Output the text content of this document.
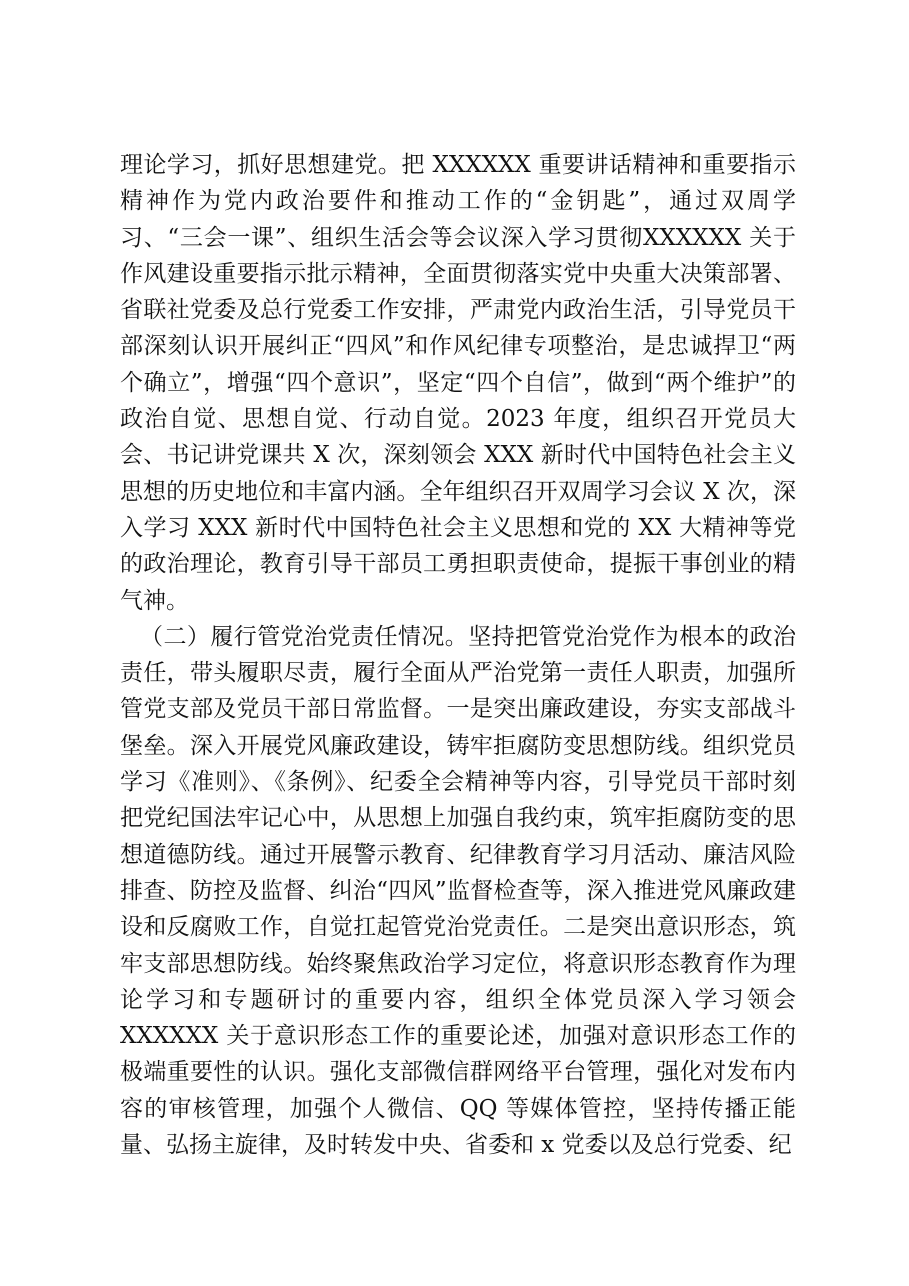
理论学习，抓好思想建党。把 XXXXXX 重要讲话精神和重要指示精神作为党内政治要件和推动工作的“金钥匙”，通过双周学习、“三会一课”、组织生活会等会议深入学习贯彻XXXXXX 关于作风建设重要指示批示精神，全面贯彻落实党中央重大决策部署、省联社党委及总行党委工作安排，严肃党内政治生活，引导党员干部深刻认识开展纠正“四风”和作风纪律专项整治，是忠诚捍卫“两个确立”，增强“四个意识”，坚定“四个自信”，做到“两个维护”的政治自觉、思想自觉、行动自觉。2023 年度，组织召开党员大会、书记讲党课共 X 次，深刻领会 XXX 新时代中国特色社会主义思想的历史地位和丰富内涵。全年组织召开双周学习会议 X 次，深入学习 XXX 新时代中国特色社会主义思想和党的 XX 大精神等党的政治理论，教育引导干部员工勇担职责使命，提振干事创业的精气神。

（二）履行管党治党责任情况。坚持把管党治党作为根本的政治责任，带头履职尽责，履行全面从严治党第一责任人职责，加强所管党支部及党员干部日常监督。一是突出廉政建设，夯实支部战斗堡垒。深入开展党风廉政建设，铸牢拒腐防变思想防线。组织党员学习《准则》、《条例》、纪委全会精神等内容，引导党员干部时刻把党纪国法牢记心中，从思想上加强自我约束，筑牢拒腐防变的思想道德防线。通过开展警示教育、纪律教育学习月活动、廉洁风险排查、防控及监督、纠治“四风”监督检查等，深入推进党风廉政建设和反腐败工作，自觉扛起管党治党责任。二是突出意识形态，筑牢支部思想防线。始终聚焦政治学习定位，将意识形态教育作为理论学习和专题研讨的重要内容，组织全体党员深入学习领会 XXXXXX 关于意识形态工作的重要论述，加强对意识形态工作的极端重要性的认识。强化支部微信群网络平台管理，强化对发布内容的审核管理，加强个人微信、QQ 等媒体管控，坚持传播正能量、弘扬主旋律，及时转发中央、省委和 x 党委以及总行党委、纪
